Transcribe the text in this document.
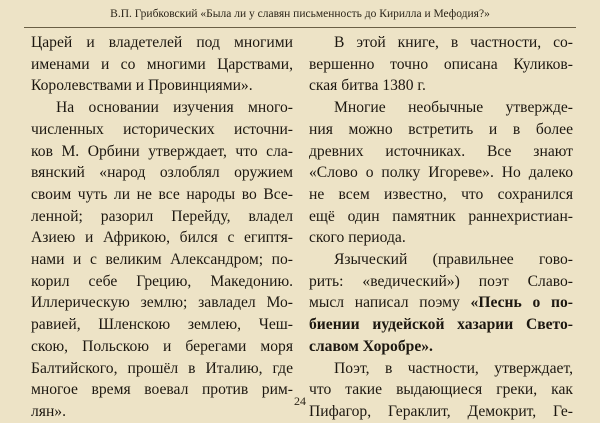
В.П. Грибковский «Была ли у славян письменность до Кирилла и Мефодия?»
Царей и владетелей под многими
именами и со многими Царствами,
Королевствами и Провинциями».
На основании изучения много-
численных исторических источни-
ков М. Орбини утверждает, что сла-
вянский «народ озлоблял оружием
своим чуть ли не все народы во Все-
ленной; разорил Перейду, владел
Азиею и Африкою, бился с египтя-
нами и с великим Александром; по-
корил себе Грецию, Македонию.
Иллерическую землю; завладел Мо-
равией, Шленскою землею, Чеш-
скою, Польскою и берегами моря
Балтийского, прошёл в Италию, где
многое время воевал против рим-
лян».
В этой книге, в частности, со-
вершенно точно описана Куликов-
ская битва 1380 г.
Многие необычные утвержде-
ния можно встретить и в более
древних источниках. Все знают
«Слово о полку Игореве». Но далеко
не всем известно, что сохранился
ещё один памятник раннехристиан-
ского периода.
Языческий (правильнее гово-
рить: «ведический») поэт Славо-
мысл написал поэму «Песнь о по-
биении иудейской хазарии Свето-
славом Хоробре».
Поэт, в частности, утверждает,
что такие выдающиеся греки, как
Пифагор, Гераклит, Демокрит, Ге-
24
